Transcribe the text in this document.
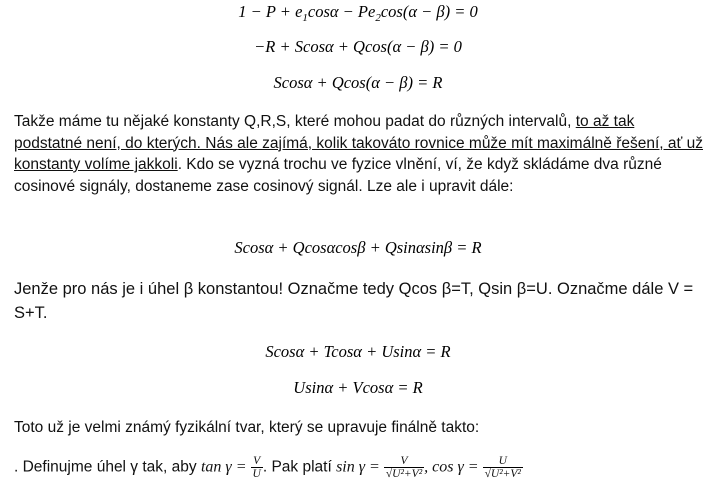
$1 - P + e_1\cos\alpha - Pe_2\cos(\alpha - \beta) = 0$
−R + Scosα + Qcos(α − β) = 0
Scosα + Qcos(α − β) = R
Takže máme tu nějaké konstanty Q,R,S, které mohou padat do různých intervalů, to až tak podstatné není, do kterých. Nás ale zajímá, kolik takováto rovnice může mít maximálně řešení, ať už konstanty volíme jakkoli. Kdo se vyzná trochu ve fyzice vlnění, ví, že když skládáme dva různé cosinové signály, dostaneme zase cosinový signál. Lze ale i upravit dále:
Scosα + Qcosαcosβ + Qsinαsinβ = R
Jenže pro nás je i úhel β konstantou! Označme tedy Qcos β=T, Qsin β=U. Označme dále V = S+T.
Scosα + Tcosα + Usinα = R
Usinα + Vcosα = R
Toto už je velmi známý fyzikální tvar, který se upravuje finálně takto:
. Definujme úhel γ tak, aby $\tan \gamma = \frac{V}{U}$ . Pak platí $\sin \gamma = \frac{V}{\text{√U²+V²}}$ , $\cos \gamma = \frac{U}{\text{√U²+V²}}$
